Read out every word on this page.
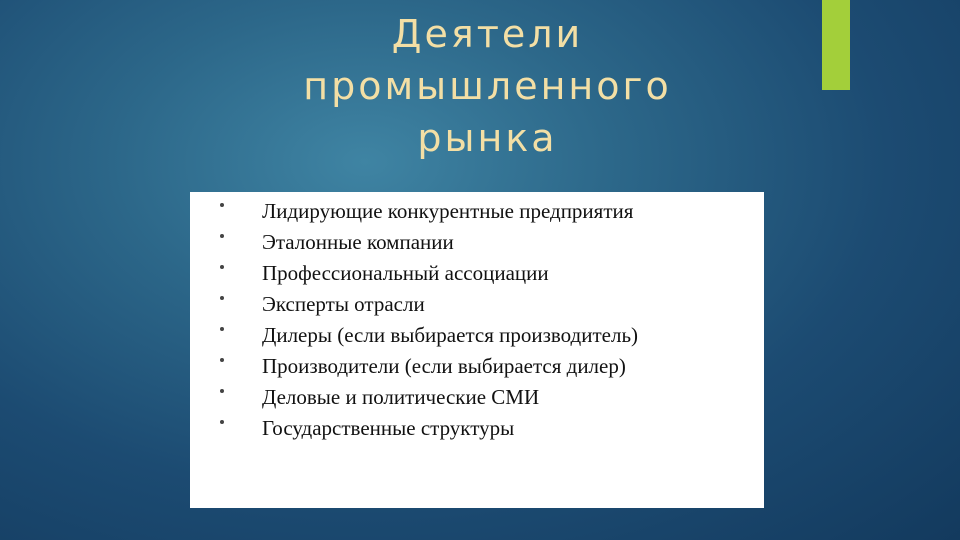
Деятели
промышленного
рынка
Лидирующие конкурентные предприятия
Эталонные компании
Профессиональный ассоциации
Эксперты отрасли
Дилеры (если выбирается производитель)
Производители (если выбирается дилер)
Деловые и политические СМИ
Государственные структуры
